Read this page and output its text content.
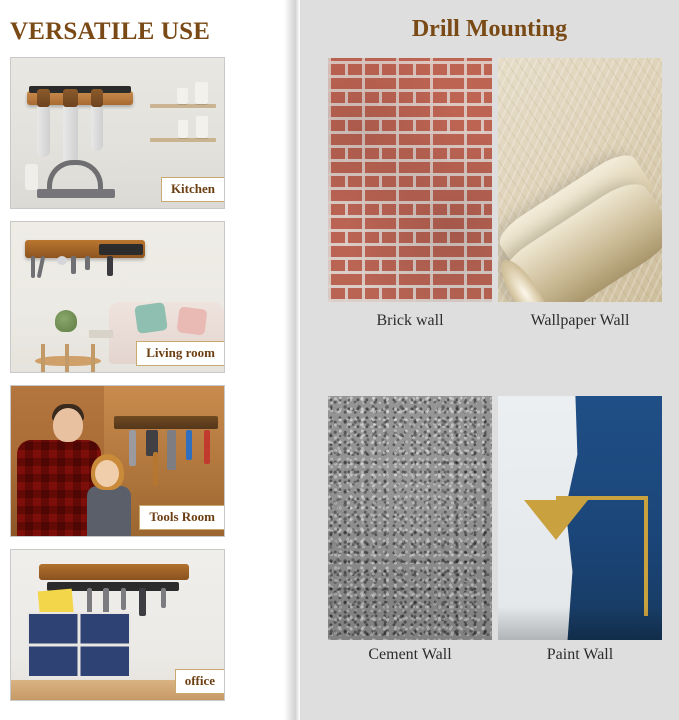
VERSATILE USE
Kitchen
Living room
Tools Room
office
Drill Mounting
Brick wall	Wallpaper Wall
Cement Wall	Paint Wall
